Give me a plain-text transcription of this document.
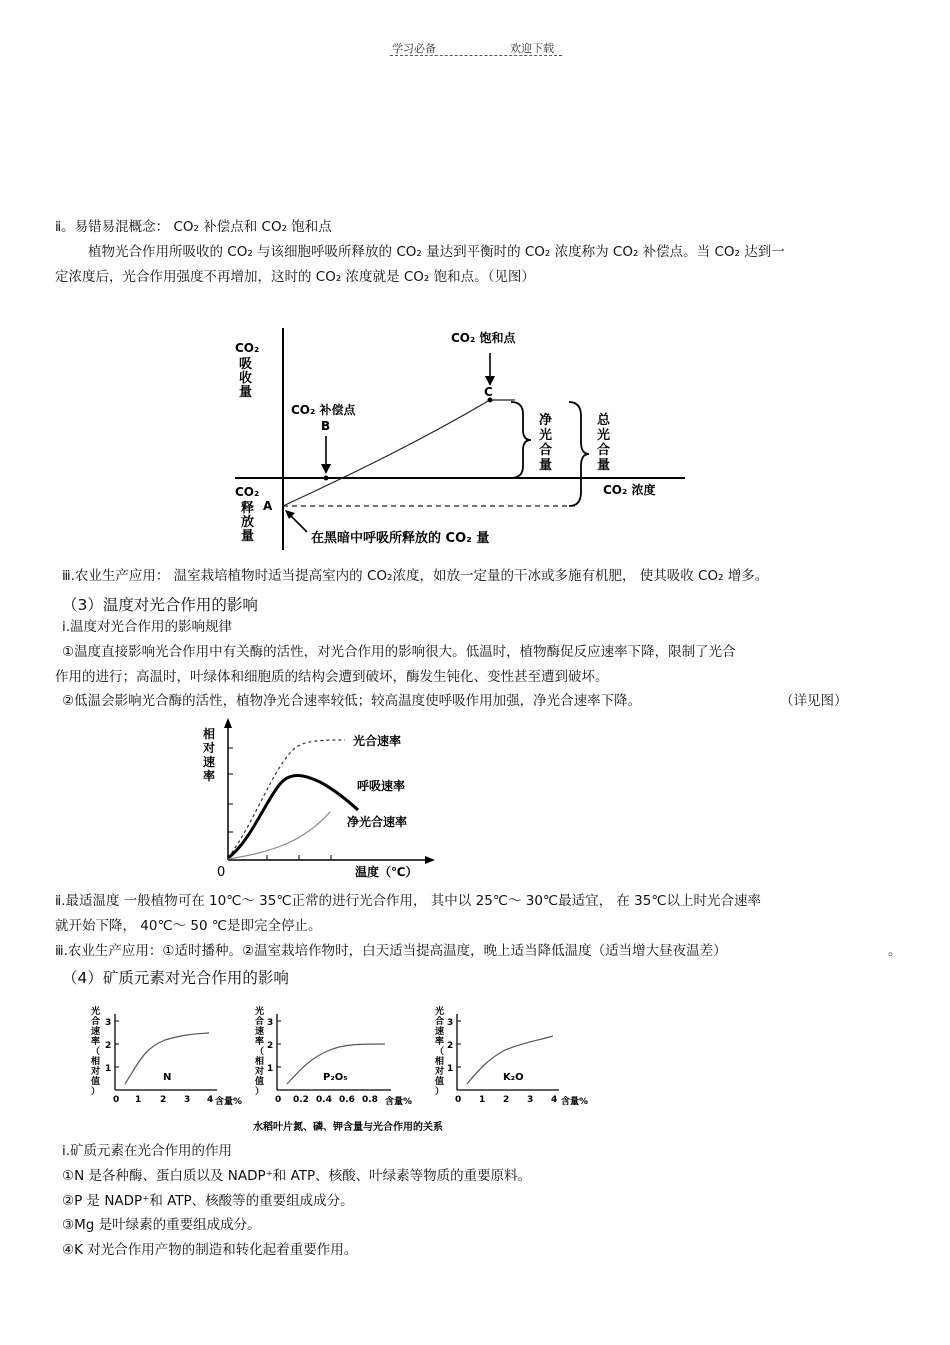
学习必备	欢迎下载
ⅱ。易错易混概念： CO₂ 补偿点和 CO₂ 饱和点
植物光合作用所吸收的 CO₂ 与该细胞呼吸所释放的 CO₂ 量达到平衡时的 CO₂ 浓度称为 CO₂ 补偿点。当 CO₂ 达到一
定浓度后，光合作用强度不再增加，这时的 CO₂ 浓度就是 CO₂ 饱和点。（见图）
CO₂
吸
收
量
CO₂
释
放
量
A
CO₂ 饱和点
C
CO₂ 补偿点
B	净
光
合
量
总
光
合
量
CO₂ 浓度
在黑暗中呼吸所释放的 CO₂ 量
ⅲ.农业生产应用： 温室栽培植物时适当提高室内的 CO₂浓度，如放一定量的干冰或多施有机肥， 使其吸收 CO₂ 增多。
（3）温度对光合作用的影响
ⅰ.温度对光合作用的影响规律
①温度直接影响光合作用中有关酶的活性，对光合作用的影响很大。低温时，植物酶促反应速率下降，限制了光合
作用的进行；高温时，叶绿体和细胞质的结构会遭到破坏，酶发生钝化、变性甚至遭到破坏。
②低温会影响光合酶的活性，植物净光合速率较低；较高温度使呼吸作用加强，净光合速率下降。	（详见图）
相
对
速
率
光合速率
呼吸速率
净光合速率
0	温度（℃）
ⅱ.最适温度 一般植物可在 10℃～ 35℃正常的进行光合作用， 其中以 25℃～ 30℃最适宜， 在 35℃以上时光合速率
就开始下降， 40℃～ 50 ℃是即完全停止。
ⅲ.农业生产应用：①适时播种。②温室栽培作物时，白天适当提高温度，晚上适当降低温度（适当增大昼夜温差）	。
（4）矿质元素对光合作用的影响
1
2
3
0 1 2 3 4
N
含量%
1
2
3
0 0.2 0.4 0.6 0.8
P₂O₅
含量%
1
2
3
0 1 2 3 4
K₂O
含量%
光
合
速
率
（
相
对
值
）
光
合
速
率
（
相
对
值
）
光
合
速
率
（
相
对
值
）
水稻叶片氮、磷、钾含量与光合作用的关系
ⅰ.矿质元素在光合作用的作用
①N 是各种酶、蛋白质以及 NADP⁺和 ATP、核酸、叶绿素等物质的重要原料。
②P 是 NADP⁺和 ATP、核酸等的重要组成成分。
③Mg 是叶绿素的重要组成成分。
④K 对光合作用产物的制造和转化起着重要作用。
